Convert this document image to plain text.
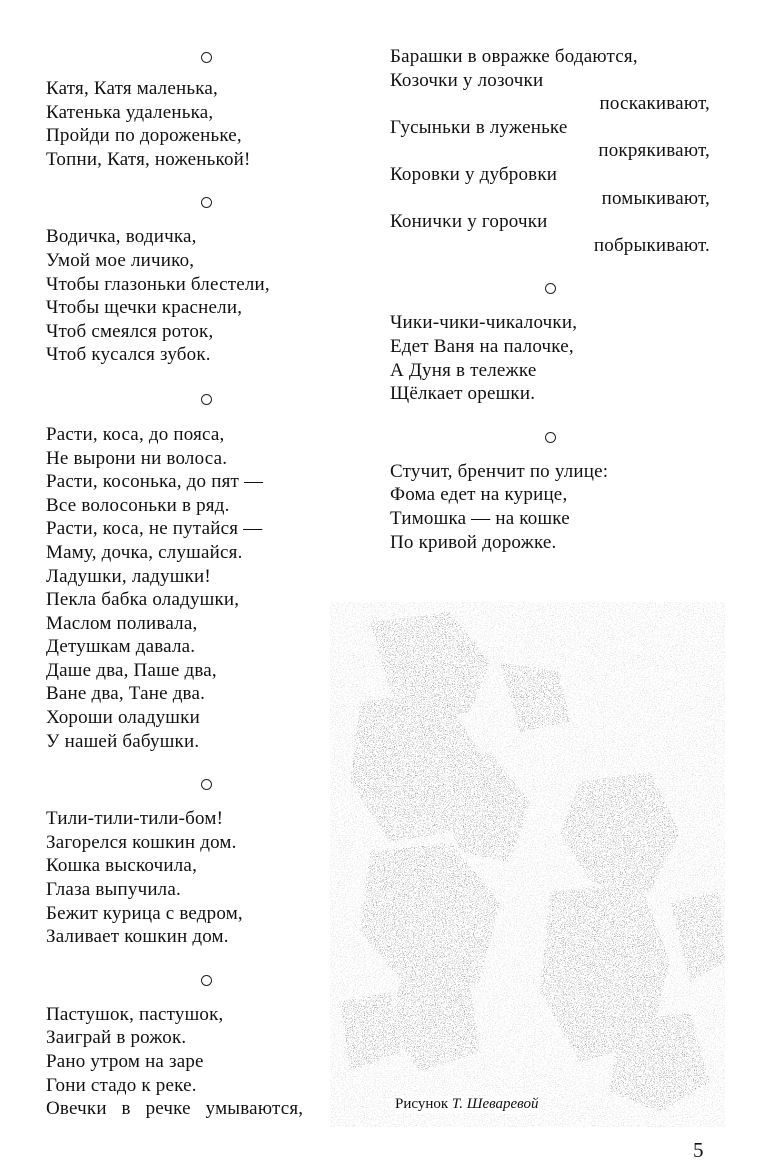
Катя, Катя маленька,
Катенька удаленька,
Пройди по дороженьке,
Топни, Катя, ноженькой!
Водичка, водичка,
Умой мое личико,
Чтобы глазоньки блестели,
Чтобы щечки краснели,
Чтоб смеялся роток,
Чтоб кусался зубок.
Расти, коса, до пояса,
Не вырони ни волоса.
Расти, косонька, до пят —
Все волосоньки в ряд.
Расти, коса, не путайся —
Маму, дочка, слушайся.
Ладушки, ладушки!
Пекла бабка оладушки,
Маслом поливала,
Детушкам давала.
Даше два, Паше два,
Ване два, Тане два.
Хороши оладушки
У нашей бабушки.
Тили-тили-тили-бом!
Загорелся кошкин дом.
Кошка выскочила,
Глаза выпучила.
Бежит курица с ведром,
Заливает кошкин дом.
Пастушок, пастушок,
Заиграй в рожок.
Рано утром на заре
Гони стадо к реке.
Овечки   в   речке   умываются,
Барашки в овражке бодаются,
Козочки у лозочки
поскакивают,
Гусыньки в луженьке
покрякивают,
Коровки у дубровки
помыкивают,
Коничκи у горочки
побрыкивают.
Чики-чики-чикалочки,
Едет Ваня на палочке,
А Дуня в тележке
Щёлкает орешки.
Стучит, бренчит по улице:
Фома едет на курице,
Тимошка — на кошке
По кривой дорожке.
Рисунок Т. Шеваревой
5
